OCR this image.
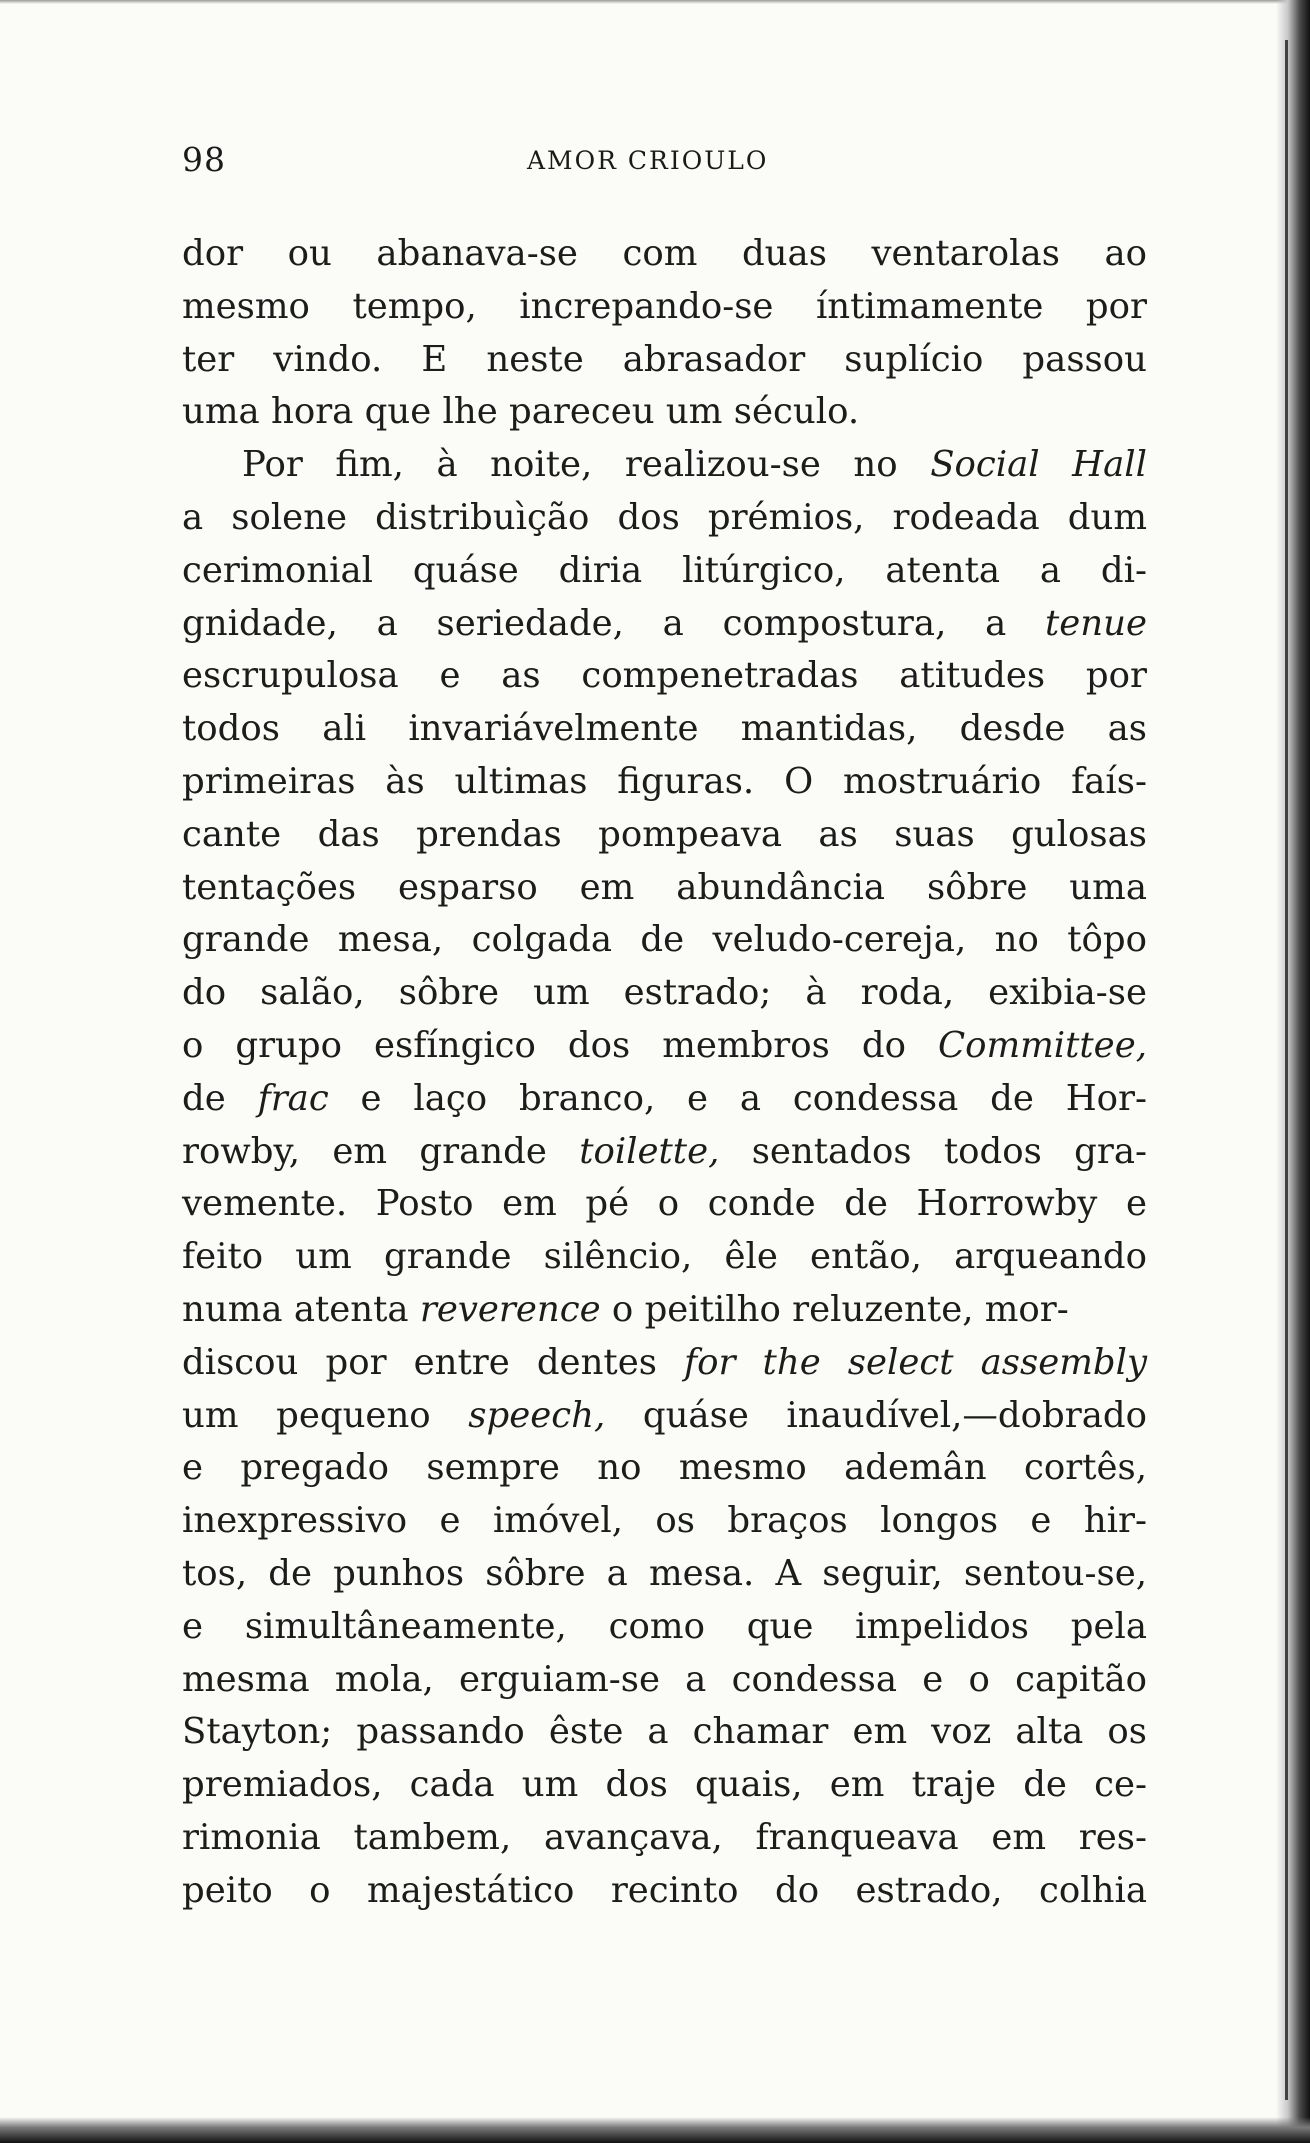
98	AMOR CRIOULO
dor ou abanava-se com duas ventarolas ao
mesmo tempo, increpando-se íntimamente por
ter vindo. E neste abrasador suplício passou
uma hora que lhe pareceu um século.
Por fim, à noite, realizou-se no Social Hall
a solene distribuìção dos prémios, rodeada dum
cerimonial quáse diria litúrgico, atenta a di-
gnidade, a seriedade, a compostura, a tenue
escrupulosa e as compenetradas atitudes por
todos ali invariávelmente mantidas, desde as
primeiras às ultimas figuras. O mostruário faís-
cante das prendas pompeava as suas gulosas
tentações esparso em abundância sôbre uma
grande mesa, colgada de veludo-cereja, no tôpo
do salão, sôbre um estrado; à roda, exibia-se
o grupo esfíngico dos membros do Committee,
de frac e laço branco, e a condessa de Hor-
rowby, em grande toilette, sentados todos gra-
vemente. Posto em pé o conde de Horrowby e
feito um grande silêncio, êle então, arqueando
numa atenta reverence o peitilho reluzente, mor-
discou por entre dentes for the select assembly
um pequeno speech, quáse inaudível,—dobrado
e pregado sempre no mesmo ademân cortês,
inexpressivo e imóvel, os braços longos e hir-
tos, de punhos sôbre a mesa. A seguir, sentou-se,
e simultâneamente, como que impelidos pela
mesma mola, erguiam-se a condessa e o capitão
Stayton; passando êste a chamar em voz alta os
premiados, cada um dos quais, em traje de ce-
rimonia tambem, avançava, franqueava em res-
peito o majestático recinto do estrado, colhia
